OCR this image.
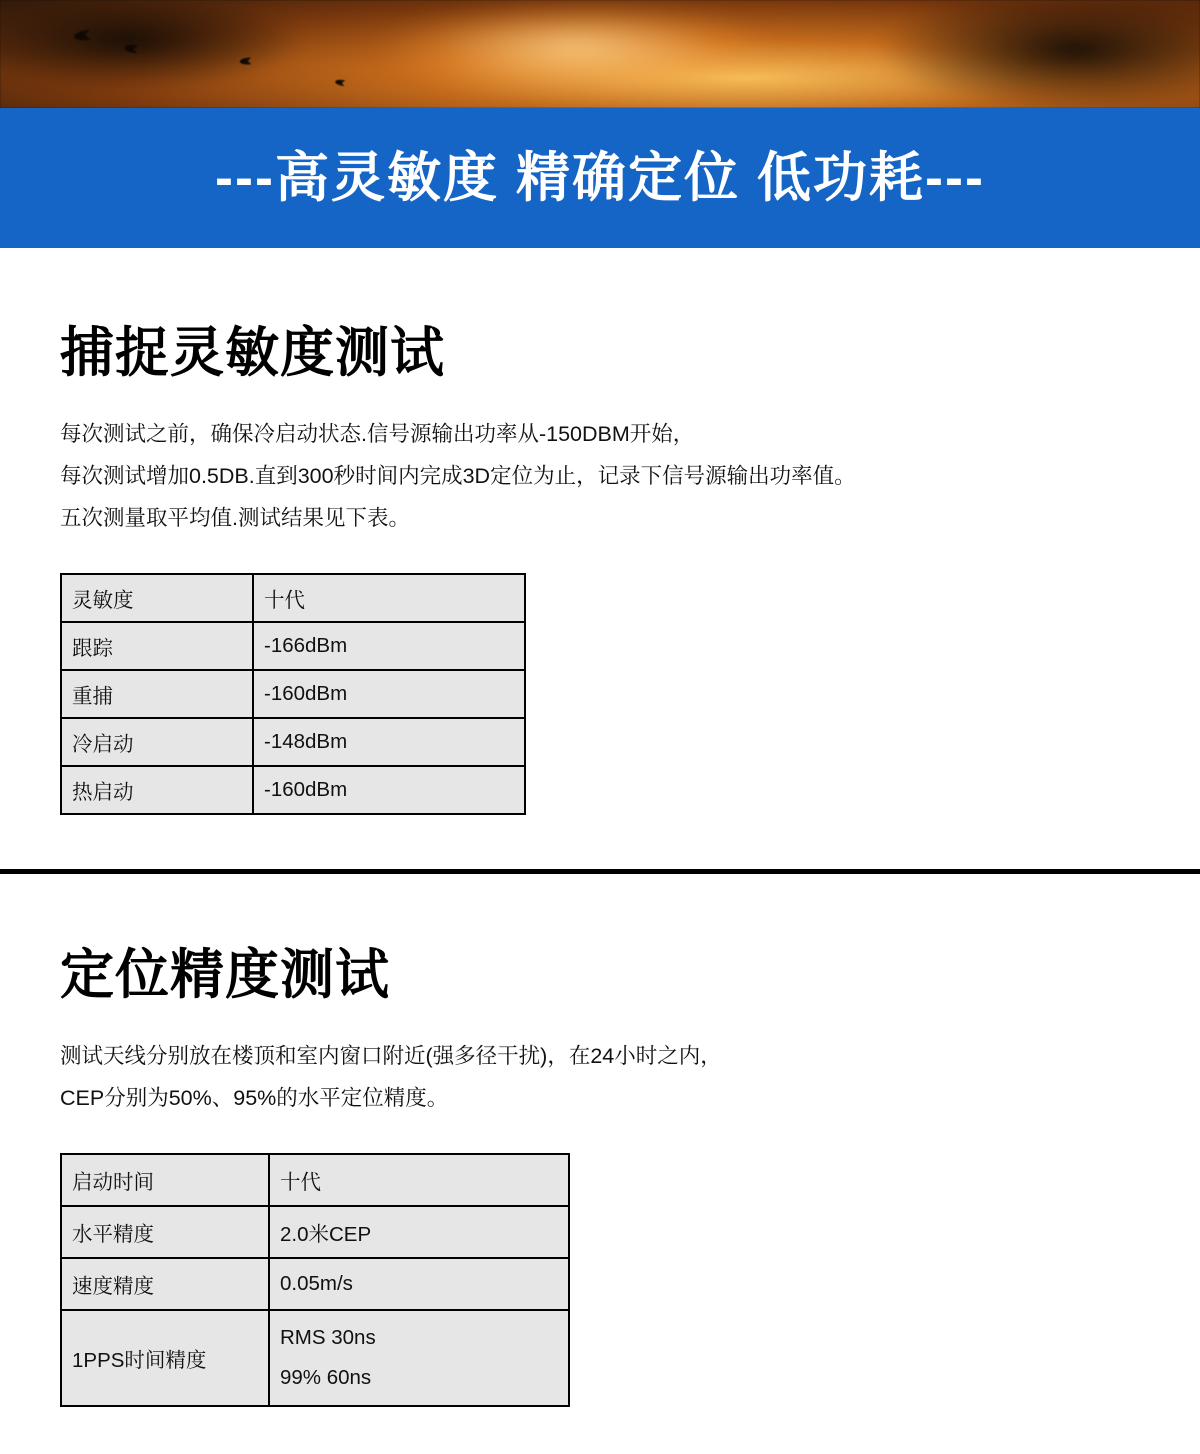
---高灵敏度 精确定位 低功耗---
捕捉灵敏度测试

每次测试之前，确保冷启动状态.信号源输出功率从-150DBM开始，

每次测试增加0.5DB.直到300秒时间内完成3D定位为止，记录下信号源输出功率值。

五次测量取平均值.测试结果见下表。

灵敏度	十代
跟踪	-166dBm
重捕	-160dBm
冷启动	-148dBm
热启动	-160dBm
定位精度测试

测试天线分别放在楼顶和室内窗口附近(强多径干扰)，在24小时之内，

CEP分别为50%、95%的水平定位精度。

启动时间	十代
水平精度	2.0米CEP
速度精度	0.05m/s
1PPS时间精度	RMS 30ns
99% 60ns
